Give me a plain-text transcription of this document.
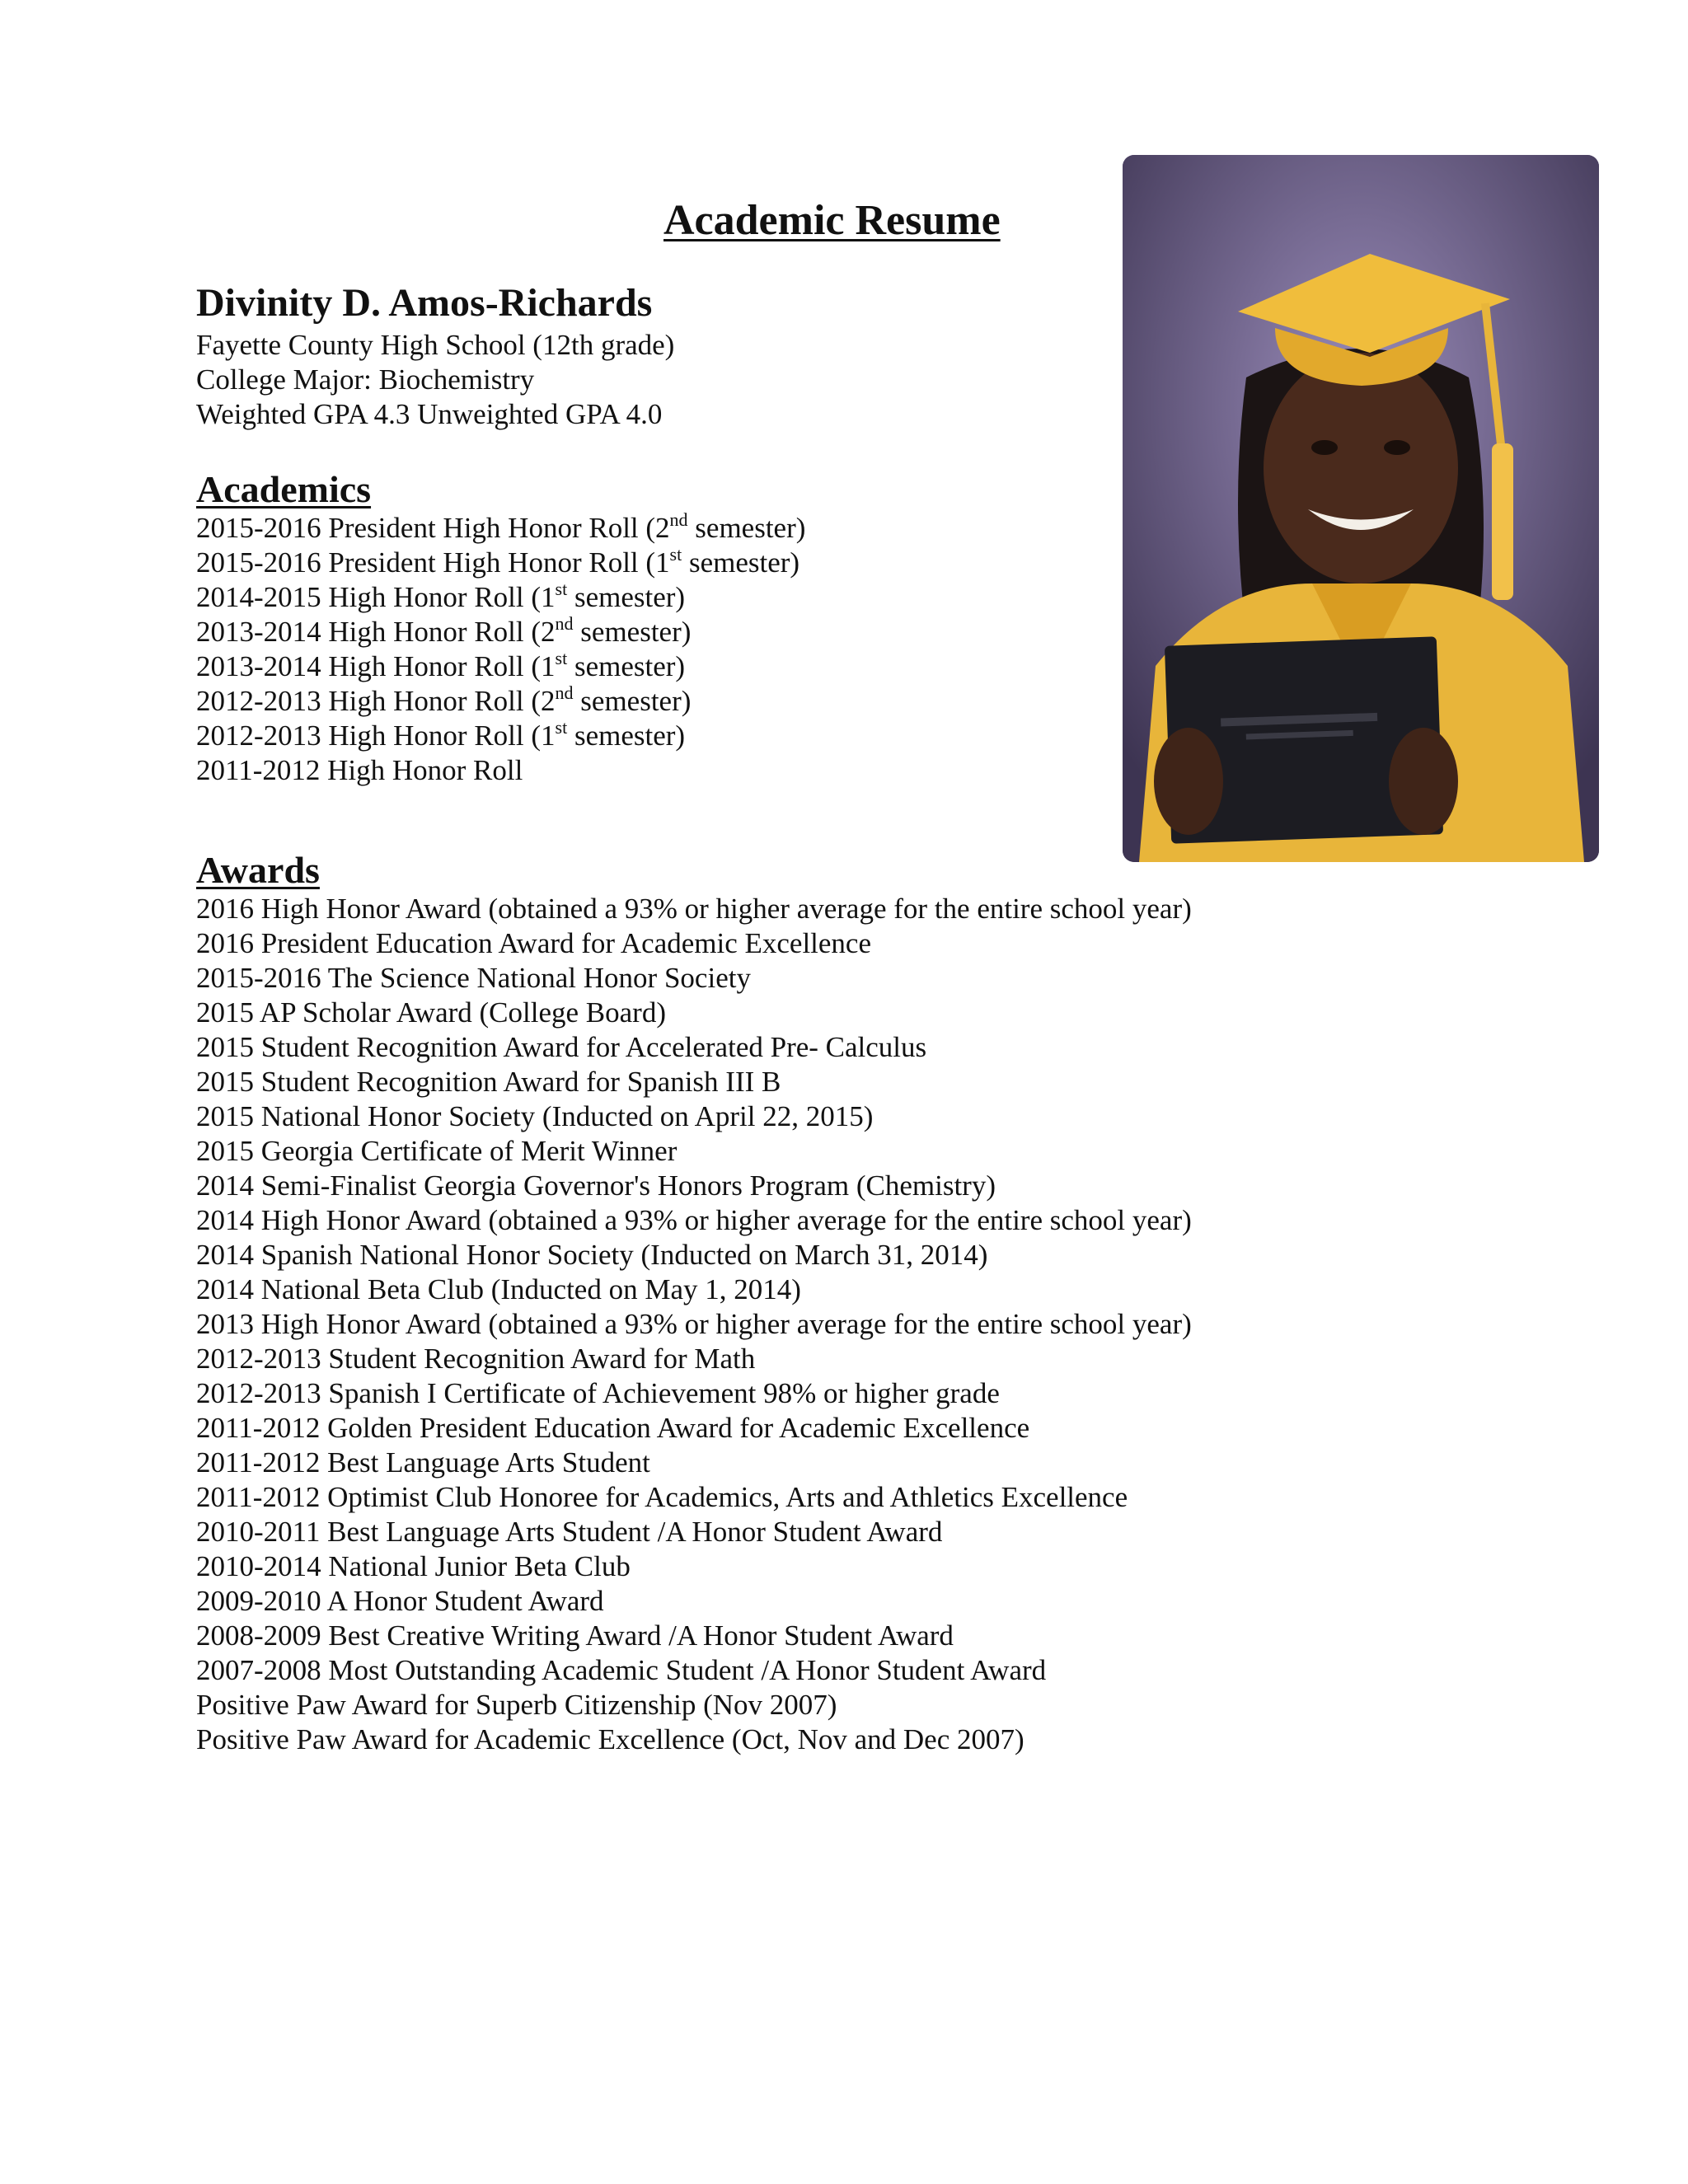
Academic Resume
Divinity D. Amos-Richards
Fayette County High School (12th grade)
College Major: Biochemistry
Weighted GPA 4.3 Unweighted GPA 4.0
Academics
2015-2016 President High Honor Roll (2nd semester)
2015-2016 President High Honor Roll (1st semester)
2014-2015 High Honor Roll (1st semester)
2013-2014 High Honor Roll (2nd semester)
2013-2014 High Honor Roll (1st semester)
2012-2013 High Honor Roll (2nd semester)
2012-2013 High Honor Roll (1st semester)
2011-2012 High Honor Roll
Awards
2016 High Honor Award (obtained a 93% or higher average for the entire school year)
2016 President Education Award for Academic Excellence
2015-2016 The Science National Honor Society
2015 AP Scholar Award (College Board)
2015 Student Recognition Award for Accelerated Pre- Calculus
2015 Student Recognition Award for Spanish III B
2015 National Honor Society (Inducted on April 22, 2015)
2015 Georgia Certificate of Merit Winner
2014 Semi-Finalist Georgia Governor's Honors Program (Chemistry)
2014 High Honor Award (obtained a 93% or higher average for the entire school year)
2014 Spanish National Honor Society (Inducted on March 31, 2014)
2014 National Beta Club (Inducted on May 1, 2014)
2013 High Honor Award (obtained a 93% or higher average for the entire school year)
2012-2013 Student Recognition Award for Math
2012-2013 Spanish I Certificate of Achievement 98% or higher grade
2011-2012 Golden President Education Award for Academic Excellence
2011-2012 Best Language Arts Student
2011-2012 Optimist Club Honoree for Academics, Arts and Athletics Excellence
2010-2011 Best Language Arts Student /A Honor Student Award
2010-2014 National Junior Beta Club
2009-2010 A Honor Student Award
2008-2009 Best Creative Writing Award /A Honor Student Award
2007-2008 Most Outstanding Academic Student /A Honor Student Award
Positive Paw Award for Superb Citizenship (Nov 2007)
Positive Paw Award for Academic Excellence (Oct, Nov and Dec 2007)
